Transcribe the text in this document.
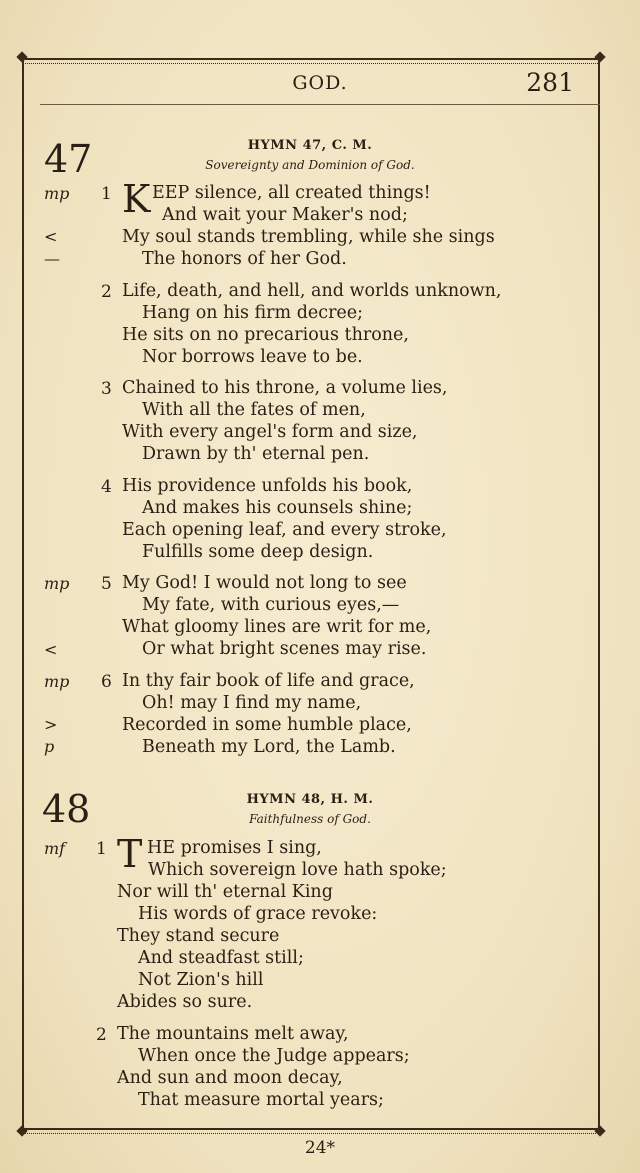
GOD.	281
47	HYMN 47, C. M.
Sovereignty and Dominion of God.
mp
<
—
mp
<
mp
>
p
1 K EEP silence, all created things!
And wait your Maker's nod;
My soul stands trembling, while she sings
The honors of her God.
2 Life, death, and hell, and worlds unknown,
Hang on his firm decree;
He sits on no precarious throne,
Nor borrows leave to be.
3 Chained to his throne, a volume lies,
With all the fates of men,
With every angel's form and size,
Drawn by th' eternal pen.
4 His providence unfolds his book,
And makes his counsels shine;
Each opening leaf, and every stroke,
Fulfills some deep design.
5 My God! I would not long to see
My fate, with curious eyes,—
What gloomy lines are writ for me,
Or what bright scenes may rise.
6 In thy fair book of life and grace,
Oh! may I find my name,
Recorded in some humble place,
Beneath my Lord, the Lamb.
48	HYMN 48, H. M.
Faithfulness of God.
mf 1 T HE promises I sing,
Which sovereign love hath spoke;
Nor will th' eternal King
His words of grace revoke:
They stand secure
And steadfast still;
Not Zion's hill
Abides so sure.
2 The mountains melt away,
When once the Judge appears;
And sun and moon decay,
That measure mortal years;
24*
